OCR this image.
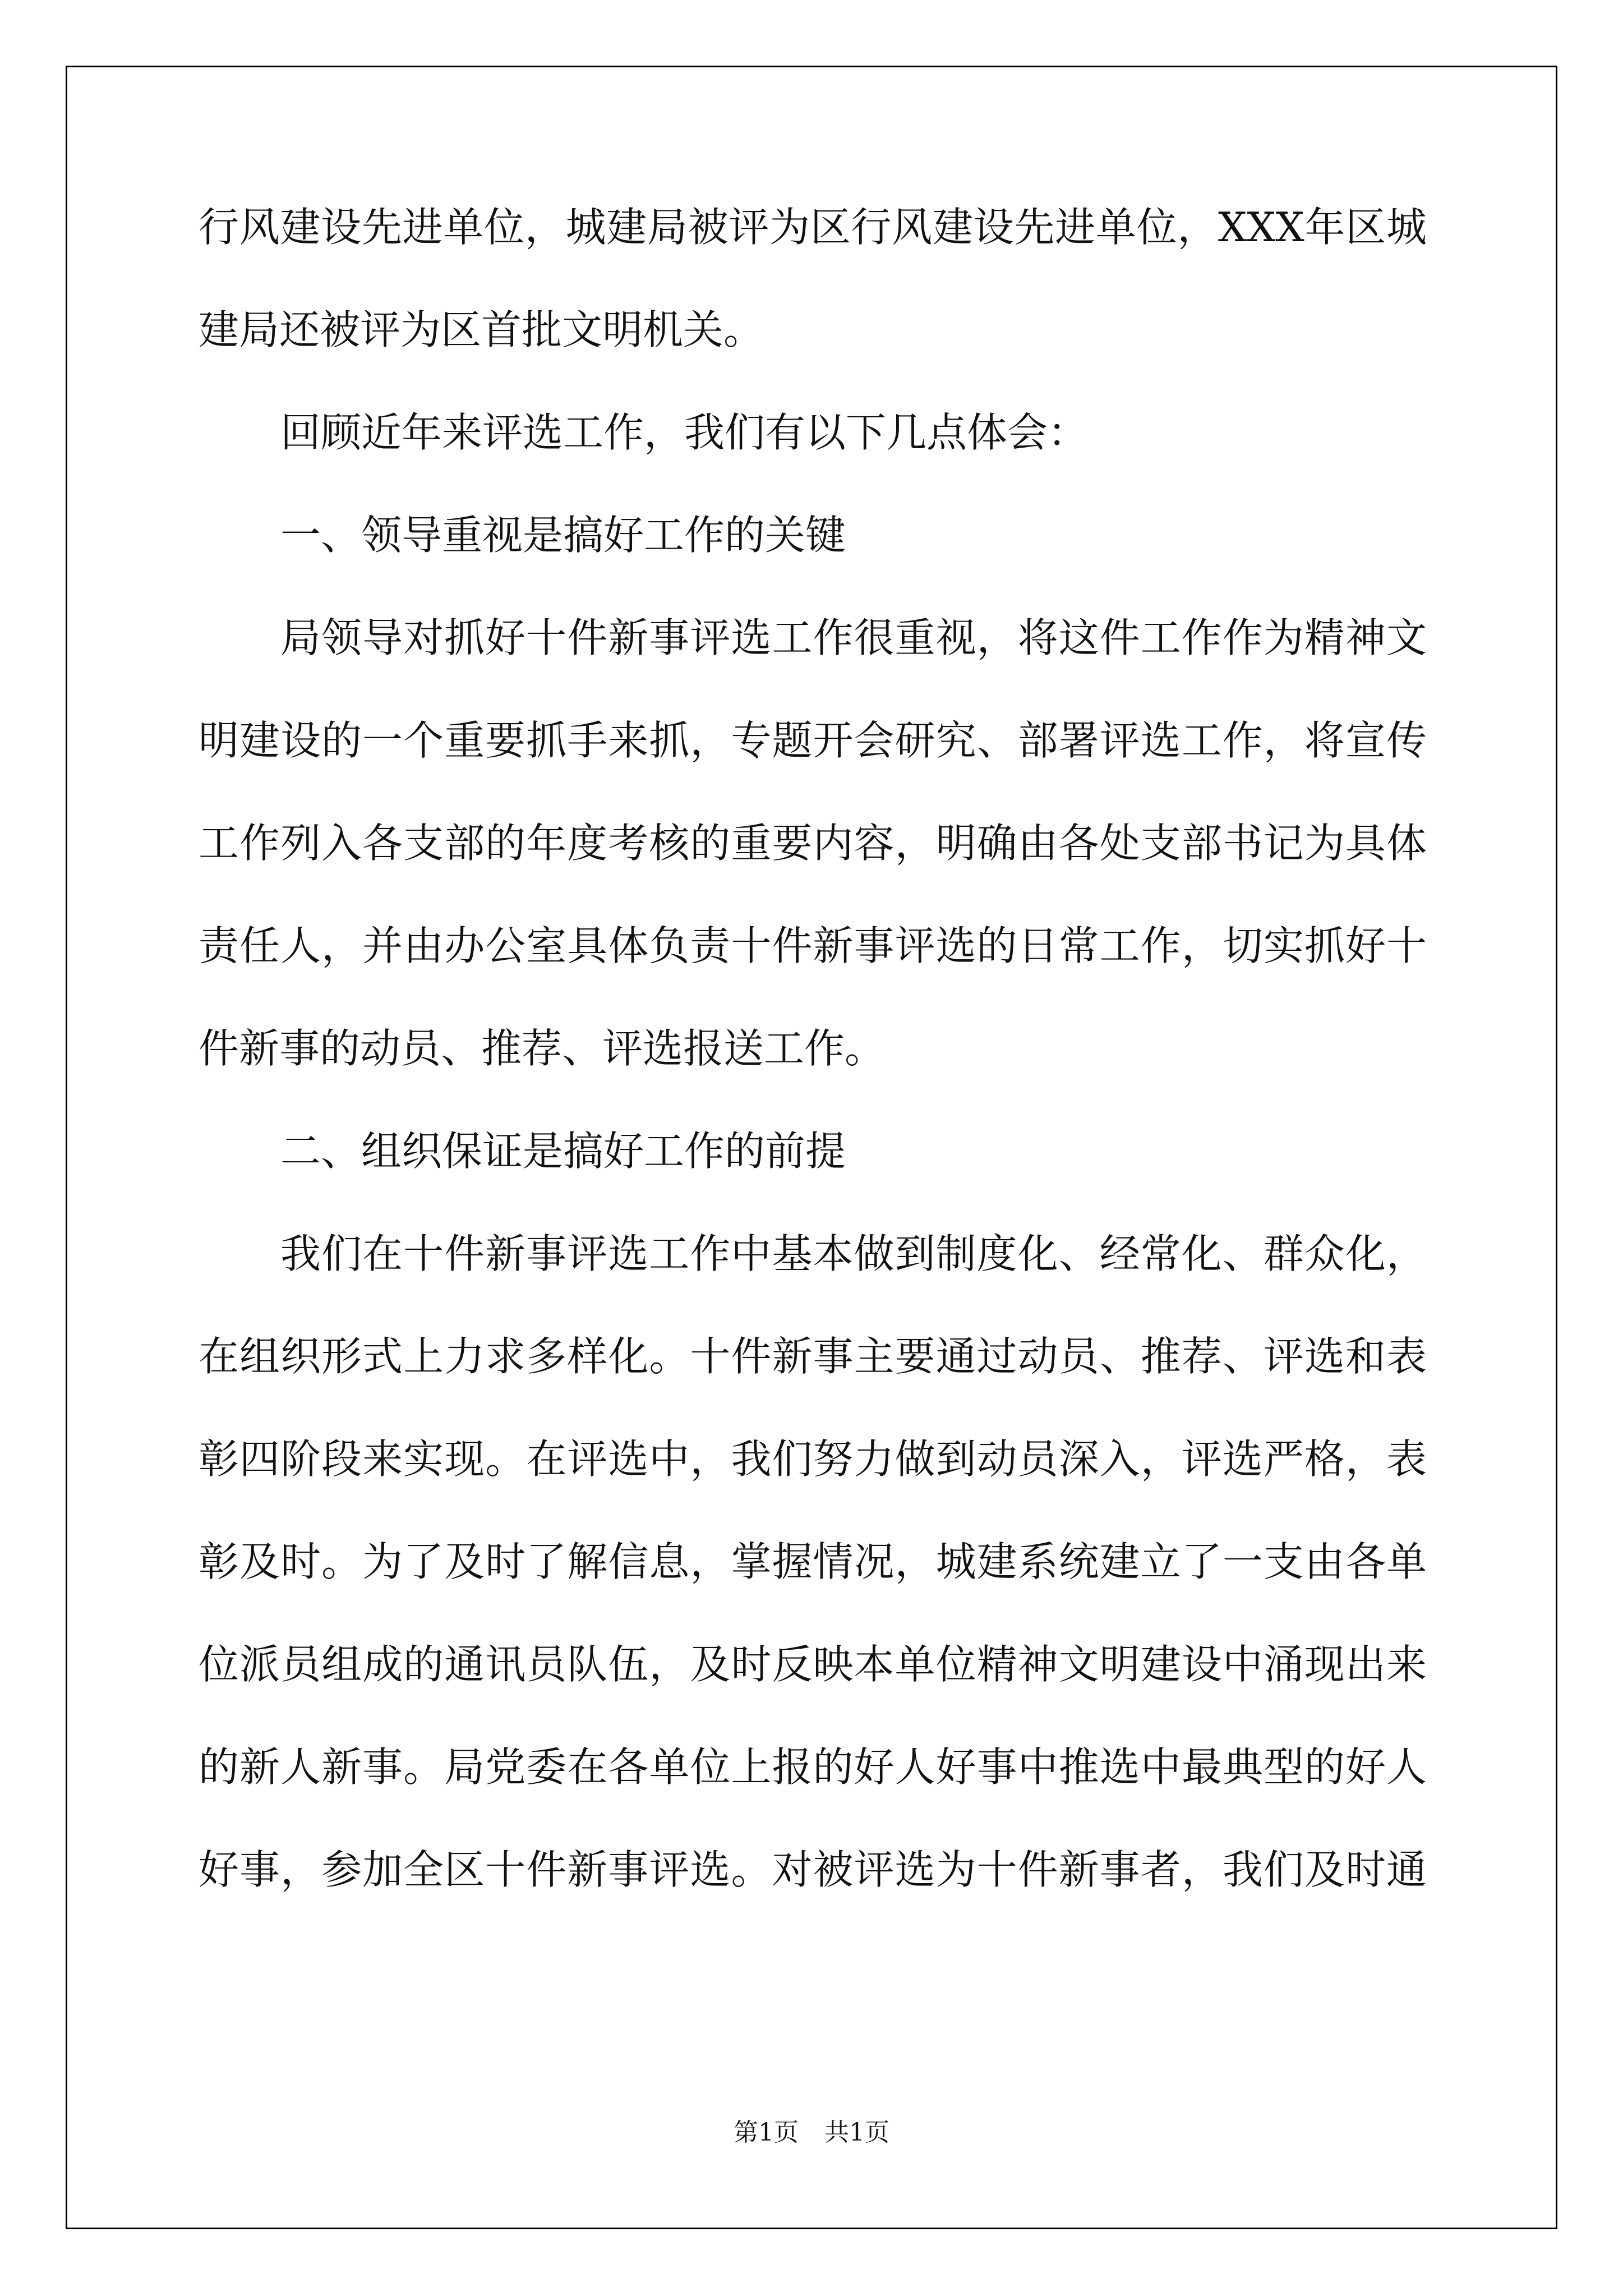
行风建设先进单位，城建局被评为区行风建设先进单位，XXX年区城
建局还被评为区首批文明机关。
回顾近年来评选工作，我们有以下几点体会：
一、领导重视是搞好工作的关键
局领导对抓好十件新事评选工作很重视，将这件工作作为精神文
明建设的一个重要抓手来抓，专题开会研究、部署评选工作，将宣传
工作列入各支部的年度考核的重要内容，明确由各处支部书记为具体
责任人，并由办公室具体负责十件新事评选的日常工作，切实抓好十
件新事的动员、推荐、评选报送工作。
二、组织保证是搞好工作的前提
我们在十件新事评选工作中基本做到制度化、经常化、群众化，
在组织形式上力求多样化。十件新事主要通过动员、推荐、评选和表
彰四阶段来实现。在评选中，我们努力做到动员深入，评选严格，表
彰及时。为了及时了解信息，掌握情况，城建系统建立了一支由各单
位派员组成的通讯员队伍，及时反映本单位精神文明建设中涌现出来
的新人新事。局党委在各单位上报的好人好事中推选中最典型的好人
好事，参加全区十件新事评选。对被评选为十件新事者，我们及时通
第1页 共1页
